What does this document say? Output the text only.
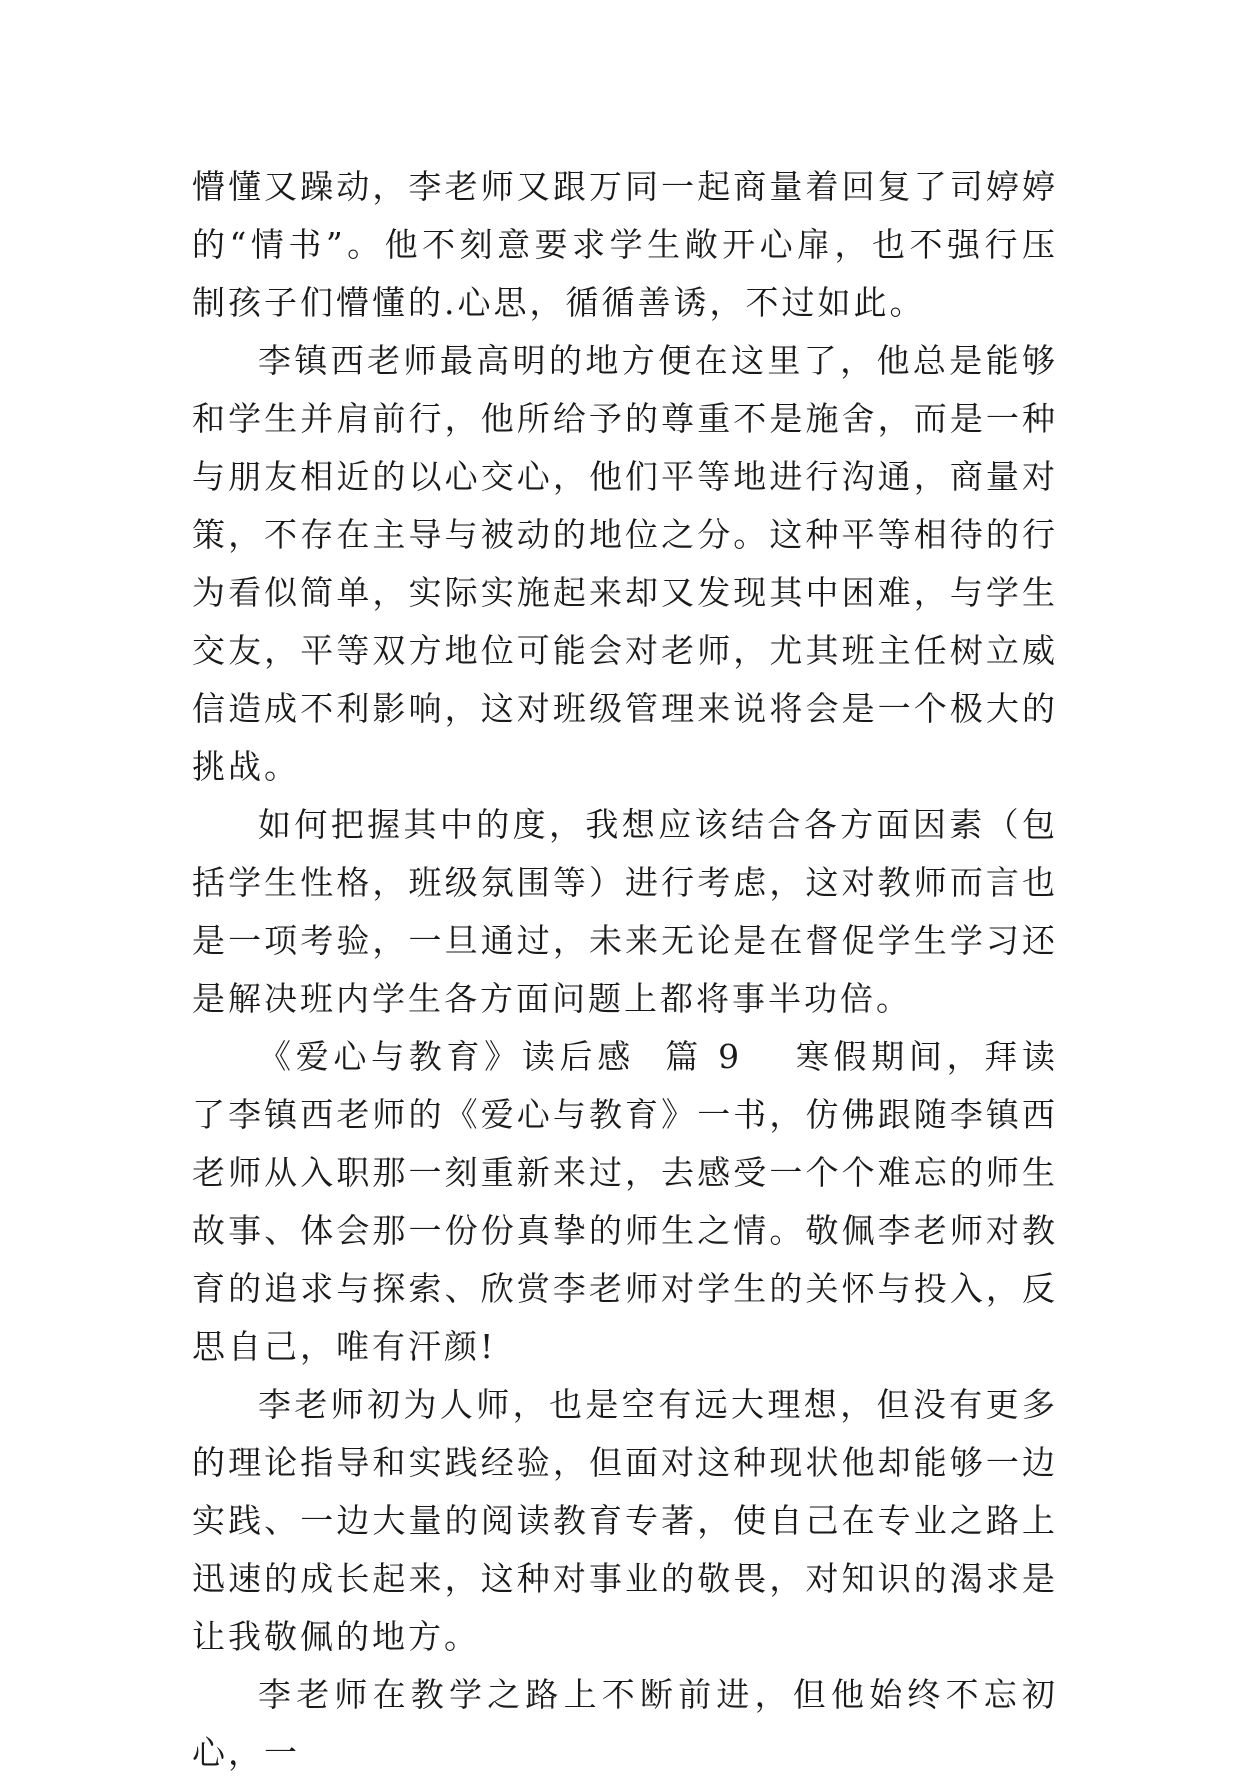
懵懂又躁动，李老师又跟万同一起商量着回复了司婷婷的“情书”。他不刻意要求学生敞开心扉，也不强行压制孩子们懵懂的.心思，循循善诱，不过如此。

李镇西老师最高明的地方便在这里了，他总是能够和学生并肩前行，他所给予的尊重不是施舍，而是一种与朋友相近的以心交心，他们平等地进行沟通，商量对策，不存在主导与被动的地位之分。这种平等相待的行为看似简单，实际实施起来却又发现其中困难，与学生交友，平等双方地位可能会对老师，尤其班主任树立威信造成不利影响，这对班级管理来说将会是一个极大的挑战。

如何把握其中的度，我想应该结合各方面因素（包括学生性格，班级氛围等）进行考虑，这对教师而言也是一项考验，一旦通过，未来无论是在督促学生学习还是解决班内学生各方面问题上都将事半功倍。

《爱心与教育》读后感  篇 9 寒假期间，拜读了李镇西老师的《爱心与教育》一书，仿佛跟随李镇西老师从入职那一刻重新来过，去感受一个个难忘的师生故事、体会那一份份真挚的师生之情。敬佩李老师对教育的追求与探索、欣赏李老师对学生的关怀与投入，反思自己，唯有汗颜!

李老师初为人师，也是空有远大理想，但没有更多的理论指导和实践经验，但面对这种现状他却能够一边实践、一边大量的阅读教育专著，使自己在专业之路上迅速的成长起来，这种对事业的敬畏，对知识的渴求是让我敬佩的地方。

李老师在教学之路上不断前进，但他始终不忘初心，一
